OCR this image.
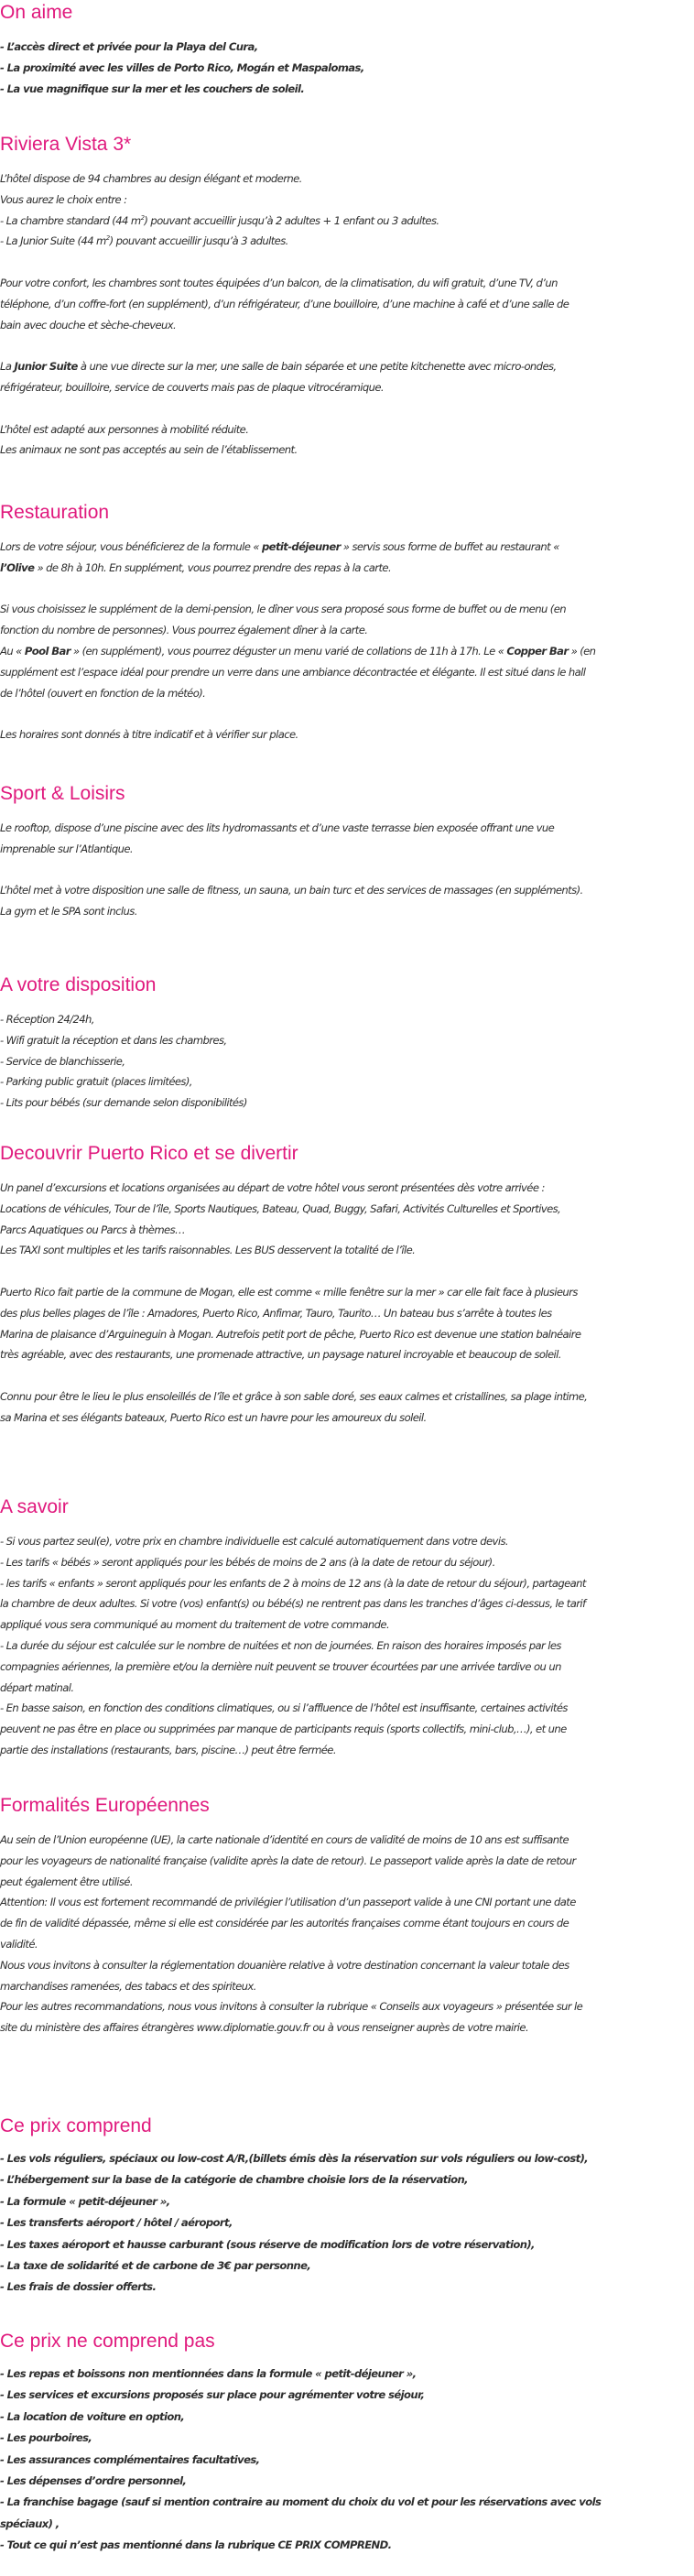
On aime
- L’accès direct et privée pour la Playa del Cura,
- La proximité avec les villes de Porto Rico, Mogán et Maspalomas,
- La vue magnifique sur la mer et les couchers de soleil.
Riviera Vista 3*
L’hôtel dispose de 94 chambres au design élégant et moderne.
Vous aurez le choix entre :
- La chambre standard (44 $m^2$) pouvant accueillir jusqu’à 2 adultes + 1 enfant ou 3 adultes.
- La Junior Suite (44 $m^2$) pouvant accueillir jusqu’à 3 adultes.
Pour votre confort, les chambres sont toutes équipées d’un balcon, de la climatisation, du wifi gratuit, d’une TV, d’un
téléphone, d’un coffre-fort (en supplément), d’un réfrigérateur, d’une bouilloire, d’une machine à café et d’une salle de
bain avec douche et sèche-cheveux.
La Junior Suite à une vue directe sur la mer, une salle de bain séparée et une petite kitchenette avec micro-ondes,
réfrigérateur, bouilloire, service de couverts mais pas de plaque vitrocéramique.
L’hôtel est adapté aux personnes à mobilité réduite.
Les animaux ne sont pas acceptés au sein de l’établissement.
Restauration
Lors de votre séjour, vous bénéficierez de la formule « petit-déjeuner » servis sous forme de buffet au restaurant «
l’Olive » de 8h à 10h. En supplément, vous pourrez prendre des repas à la carte.
Si vous choisissez le supplément de la demi-pension, le dîner vous sera proposé sous forme de buffet ou de menu (en
fonction du nombre de personnes). Vous pourrez également dîner à la carte.
Au « Pool Bar » (en supplément), vous pourrez déguster un menu varié de collations de 11h à 17h. Le « Copper Bar » (en
supplément est l’espace idéal pour prendre un verre dans une ambiance décontractée et élégante. Il est situé dans le hall
de l’hôtel (ouvert en fonction de la météo).
Les horaires sont donnés à titre indicatif et à vérifier sur place.
Sport & Loisirs
Le rooftop, dispose d’une piscine avec des lits hydromassants et d’une vaste terrasse bien exposée offrant une vue
imprenable sur l’Atlantique.
L’hôtel met à votre disposition une salle de fitness, un sauna, un bain turc et des services de massages (en suppléments).
La gym et le SPA sont inclus.
A votre disposition
- Réception 24/24h,
- Wifi gratuit la réception et dans les chambres,
- Service de blanchisserie,
- Parking public gratuit (places limitées),
- Lits pour bébés (sur demande selon disponibilités)
Decouvrir Puerto Rico et se divertir
Un panel d’excursions et locations organisées au départ de votre hôtel vous seront présentées dès votre arrivée :
Locations de véhicules, Tour de l’île, Sports Nautiques, Bateau, Quad, Buggy, Safari, Activités Culturelles et Sportives,
Parcs Aquatiques ou Parcs à thèmes…
Les TAXI sont multiples et les tarifs raisonnables. Les BUS desservent la totalité de l’île.
Puerto Rico fait partie de la commune de Mogan, elle est comme « mille fenêtre sur la mer » car elle fait face à plusieurs
des plus belles plages de l’île : Amadores, Puerto Rico, Anfimar, Tauro, Taurito… Un bateau bus s’arrête à toutes les
Marina de plaisance d’Arguineguin à Mogan. Autrefois petit port de pêche, Puerto Rico est devenue une station balnéaire
très agréable, avec des restaurants, une promenade attractive, un paysage naturel incroyable et beaucoup de soleil.
Connu pour être le lieu le plus ensoleillés de l’île et grâce à son sable doré, ses eaux calmes et cristallines, sa plage intime,
sa Marina et ses élégants bateaux, Puerto Rico est un havre pour les amoureux du soleil.
A savoir
- Si vous partez seul(e), votre prix en chambre individuelle est calculé automatiquement dans votre devis.
- Les tarifs « bébés » seront appliqués pour les bébés de moins de 2 ans (à la date de retour du séjour).
- les tarifs « enfants » seront appliqués pour les enfants de 2 à moins de 12 ans (à la date de retour du séjour), partageant
la chambre de deux adultes. Si votre (vos) enfant(s) ou bébé(s) ne rentrent pas dans les tranches d’âges ci-dessus, le tarif
appliqué vous sera communiqué au moment du traitement de votre commande.
- La durée du séjour est calculée sur le nombre de nuitées et non de journées. En raison des horaires imposés par les
compagnies aériennes, la première et/ou la dernière nuit peuvent se trouver écourtées par une arrivée tardive ou un
départ matinal.
- En basse saison, en fonction des conditions climatiques, ou si l’affluence de l’hôtel est insuffisante, certaines activités
peuvent ne pas être en place ou supprimées par manque de participants requis (sports collectifs, mini-club,…), et une
partie des installations (restaurants, bars, piscine…) peut être fermée.
Formalités Européennes
Au sein de l’Union européenne (UE), la carte nationale d’identité en cours de validité de moins de 10 ans est suffisante
pour les voyageurs de nationalité française (validite après la date de retour). Le passeport valide après la date de retour
peut également être utilisé.
Attention: Il vous est fortement recommandé de privilégier l’utilisation d’un passeport valide à une CNI portant une date
de fin de validité dépassée, même si elle est considérée par les autorités françaises comme étant toujours en cours de
validité.
Nous vous invitons à consulter la réglementation douanière relative à votre destination concernant la valeur totale des
marchandises ramenées, des tabacs et des spiriteux.
Pour les autres recommandations, nous vous invitons à consulter la rubrique « Conseils aux voyageurs » présentée sur le
site du ministère des affaires étrangères www.diplomatie.gouv.fr ou à vous renseigner auprès de votre mairie.
Ce prix comprend
- Les vols réguliers, spéciaux ou low-cost A/R,(billets émis dès la réservation sur vols réguliers ou low-cost),
- L’hébergement sur la base de la catégorie de chambre choisie lors de la réservation,
- La formule « petit-déjeuner »,
- Les transferts aéroport / hôtel / aéroport,
- Les taxes aéroport et hausse carburant (sous réserve de modification lors de votre réservation),
- La taxe de solidarité et de carbone de 3€ par personne,
- Les frais de dossier offerts.
Ce prix ne comprend pas
- Les repas et boissons non mentionnées dans la formule « petit-déjeuner »,
- Les services et excursions proposés sur place pour agrémenter votre séjour,
- La location de voiture en option,
- Les pourboires,
- Les assurances complémentaires facultatives,
- Les dépenses d’ordre personnel,
- La franchise bagage (sauf si mention contraire au moment du choix du vol et pour les réservations avec vols
spéciaux) ,
- Tout ce qui n’est pas mentionné dans la rubrique CE PRIX COMPREND.
